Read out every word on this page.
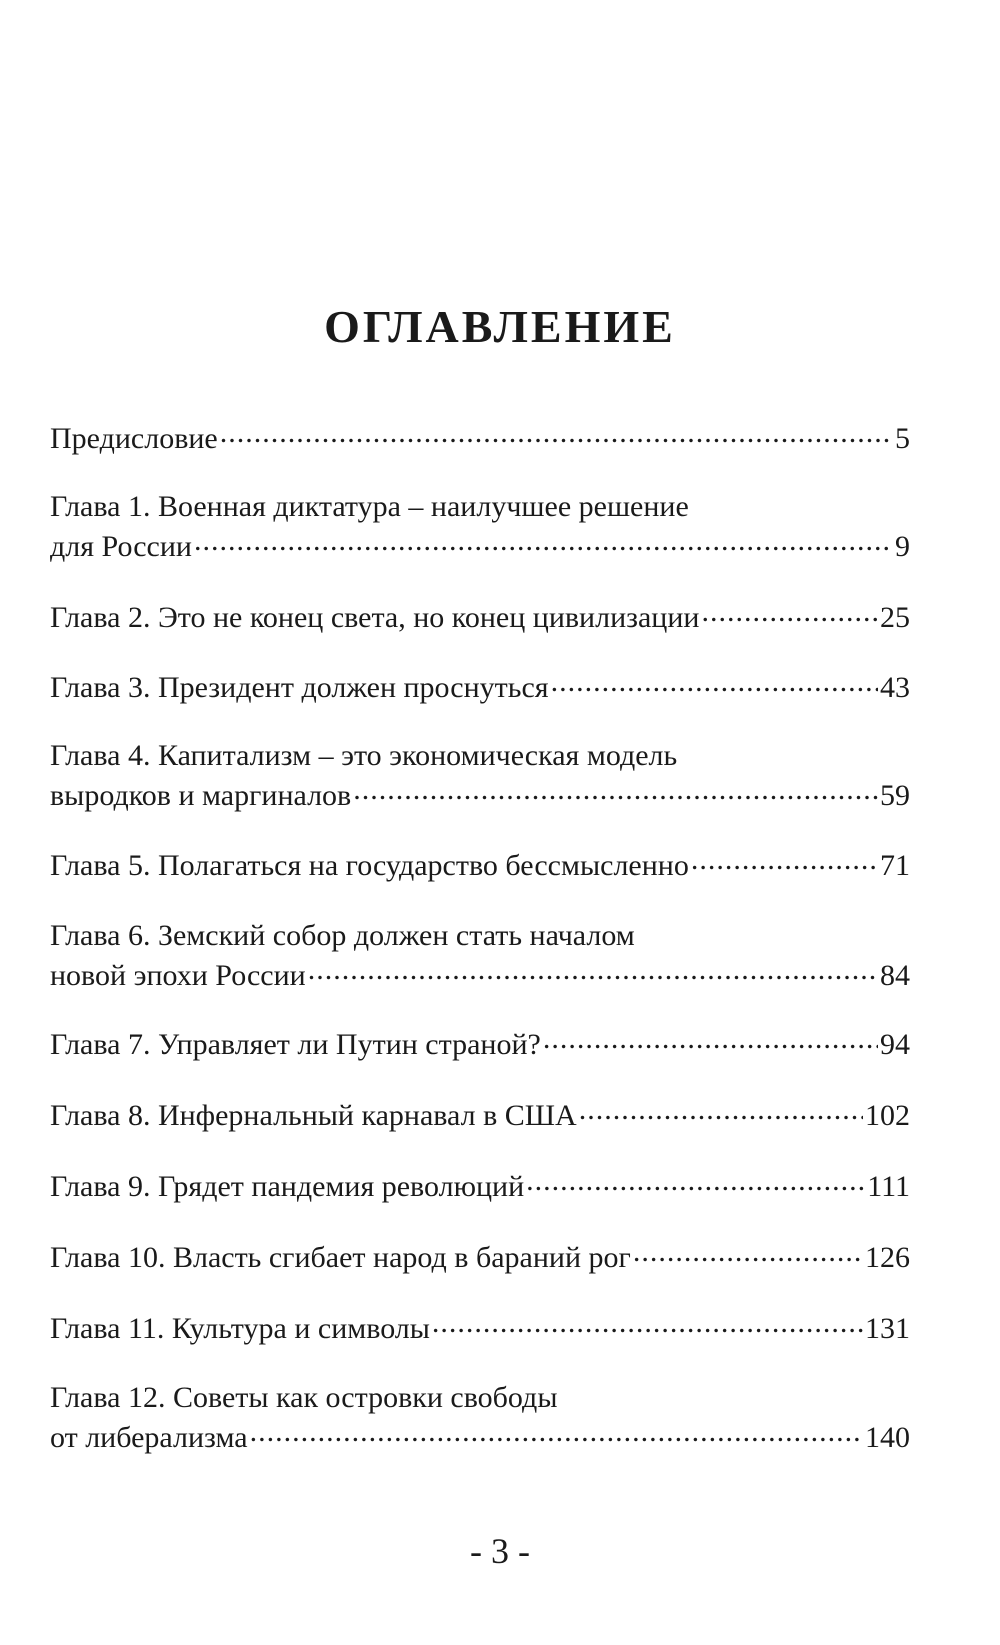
ОГЛАВЛЕНИЕ
Предисловие .....	5
Глава 1. Военная диктатура – наилучшее решение
для России .....	9
Глава 2. Это не конец света, но конец цивилизации .....	25
Глава 3. Президент должен проснуться .....	43
Глава 4. Капитализм – это экономическая модель
выродков и маргиналов .....	59
Глава 5. Полагаться на государство бессмысленно .....	71
Глава 6. Земский собор должен стать началом
новой эпохи России .....	84
Глава 7. Управляет ли Путин страной? .....	94
Глава 8. Инфернальный карнавал в США .....	102
Глава 9. Грядет пандемия революций .....	111
Глава 10. Власть сгибает народ в бараний рог .....	126
Глава 11. Культура и символы .....	131
Глава 12. Советы как островки свободы
от либерализма .....	140
- 3 -
